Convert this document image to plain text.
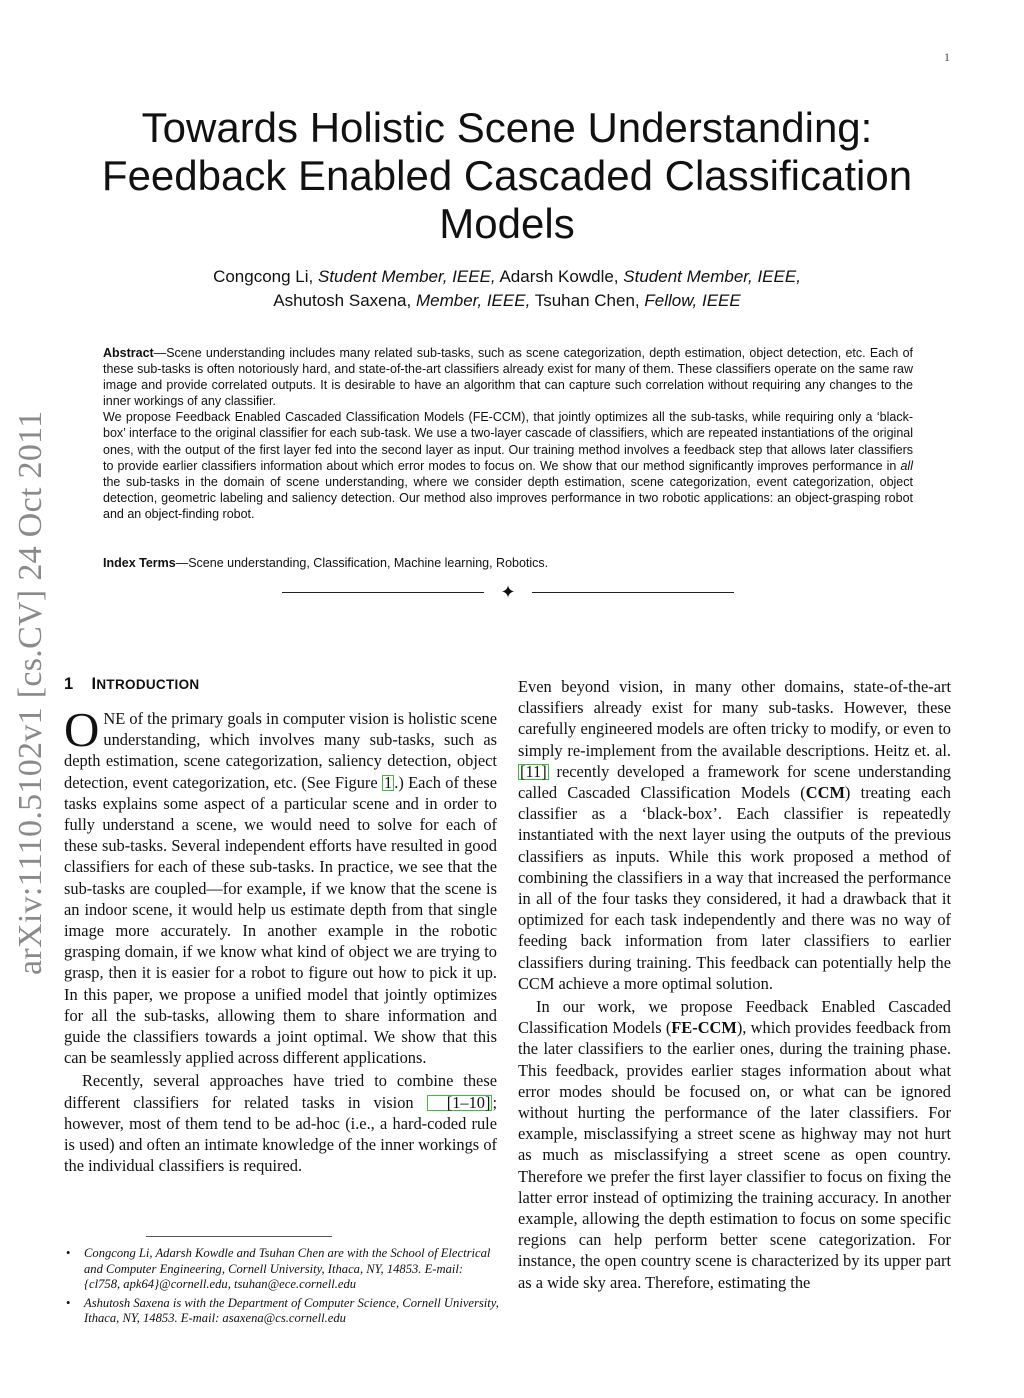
1
arXiv:1110.5102v1 [cs.CV] 24 Oct 2011
Towards Holistic Scene Understanding:
Feedback Enabled Cascaded Classification
Models
Congcong Li, Student Member, IEEE, Adarsh Kowdle, Student Member, IEEE,
Ashutosh Saxena, Member, IEEE, Tsuhan Chen, Fellow, IEEE

Abstract—Scene understanding includes many related sub-tasks, such as scene categorization, depth estimation, object detection, etc. Each of these sub-tasks is often notoriously hard, and state-of-the-art classifiers already exist for many of them. These classifiers operate on the same raw image and provide correlated outputs. It is desirable to have an algorithm that can capture such correlation without requiring any changes to the inner workings of any classifier.

We propose Feedback Enabled Cascaded Classification Models (FE-CCM), that jointly optimizes all the sub-tasks, while requiring only a ‘black-box’ interface to the original classifier for each sub-task. We use a two-layer cascade of classifiers, which are repeated instantiations of the original ones, with the output of the first layer fed into the second layer as input. Our training method involves a feedback step that allows later classifiers to provide earlier classifiers information about which error modes to focus on. We show that our method significantly improves performance in all the sub-tasks in the domain of scene understanding, where we consider depth estimation, scene categorization, event categorization, object detection, geometric labeling and saliency detection. Our method also improves performance in two robotic applications: an object-grasping robot and an object-finding robot.

Index Terms—Scene understanding, Classification, Machine learning, Robotics.
✦
1 INTRODUCTION

ONE of the primary goals in computer vision is holistic scene understanding, which involves many sub-tasks, such as depth estimation, scene categorization, saliency detection, object detection, event categorization, etc. (See Figure 1 .) Each of these tasks explains some aspect of a particular scene and in order to fully understand a scene, we would need to solve for each of these sub-tasks. Several independent efforts have resulted in good classifiers for each of these sub-tasks. In practice, we see that the sub-tasks are coupled—for example, if we know that the scene is an indoor scene, it would help us estimate depth from that single image more accurately. In another example in the robotic grasping domain, if we know what kind of object we are trying to grasp, then it is easier for a robot to figure out how to pick it up. In this paper, we propose a unified model that jointly optimizes for all the sub-tasks, allowing them to share information and guide the classifiers towards a joint optimal. We show that this can be seamlessly applied across different applications.

Recently, several approaches have tried to combine these different classifiers for related tasks in vision [1–10] ; however, most of them tend to be ad-hoc (i.e., a hard-coded rule is used) and often an intimate knowledge of the inner workings of the individual classifiers is required.

• Congcong Li, Adarsh Kowdle and Tsuhan Chen are with the School of Electrical and Computer Engineering, Cornell University, Ithaca, NY, 14853. E-mail: {cl758, apk64}@cornell.edu, tsuhan@ece.cornell.edu
• Ashutosh Saxena is with the Department of Computer Science, Cornell University, Ithaca, NY, 14853. E-mail: asaxena@cs.cornell.edu

Even beyond vision, in many other domains, state-of-the-art classifiers already exist for many sub-tasks. However, these carefully engineered models are often tricky to modify, or even to simply re-implement from the available descriptions. Heitz et. al. [11] recently developed a framework for scene understanding called Cascaded Classification Models (CCM) treating each classifier as a ‘black-box’. Each classifier is repeatedly instantiated with the next layer using the outputs of the previous classifiers as inputs. While this work proposed a method of combining the classifiers in a way that increased the performance in all of the four tasks they considered, it had a drawback that it optimized for each task independently and there was no way of feeding back information from later classifiers to earlier classifiers during training. This feedback can potentially help the CCM achieve a more optimal solution.

In our work, we propose Feedback Enabled Cascaded Classification Models (FE-CCM), which provides feedback from the later classifiers to the earlier ones, during the training phase. This feedback, provides earlier stages information about what error modes should be focused on, or what can be ignored without hurting the performance of the later classifiers. For example, misclassifying a street scene as highway may not hurt as much as misclassifying a street scene as open country. Therefore we prefer the first layer classifier to focus on fixing the latter error instead of optimizing the training accuracy. In another example, allowing the depth estimation to focus on some specific regions can help perform better scene categorization. For instance, the open country scene is characterized by its upper part as a wide sky area. Therefore, estimating the
